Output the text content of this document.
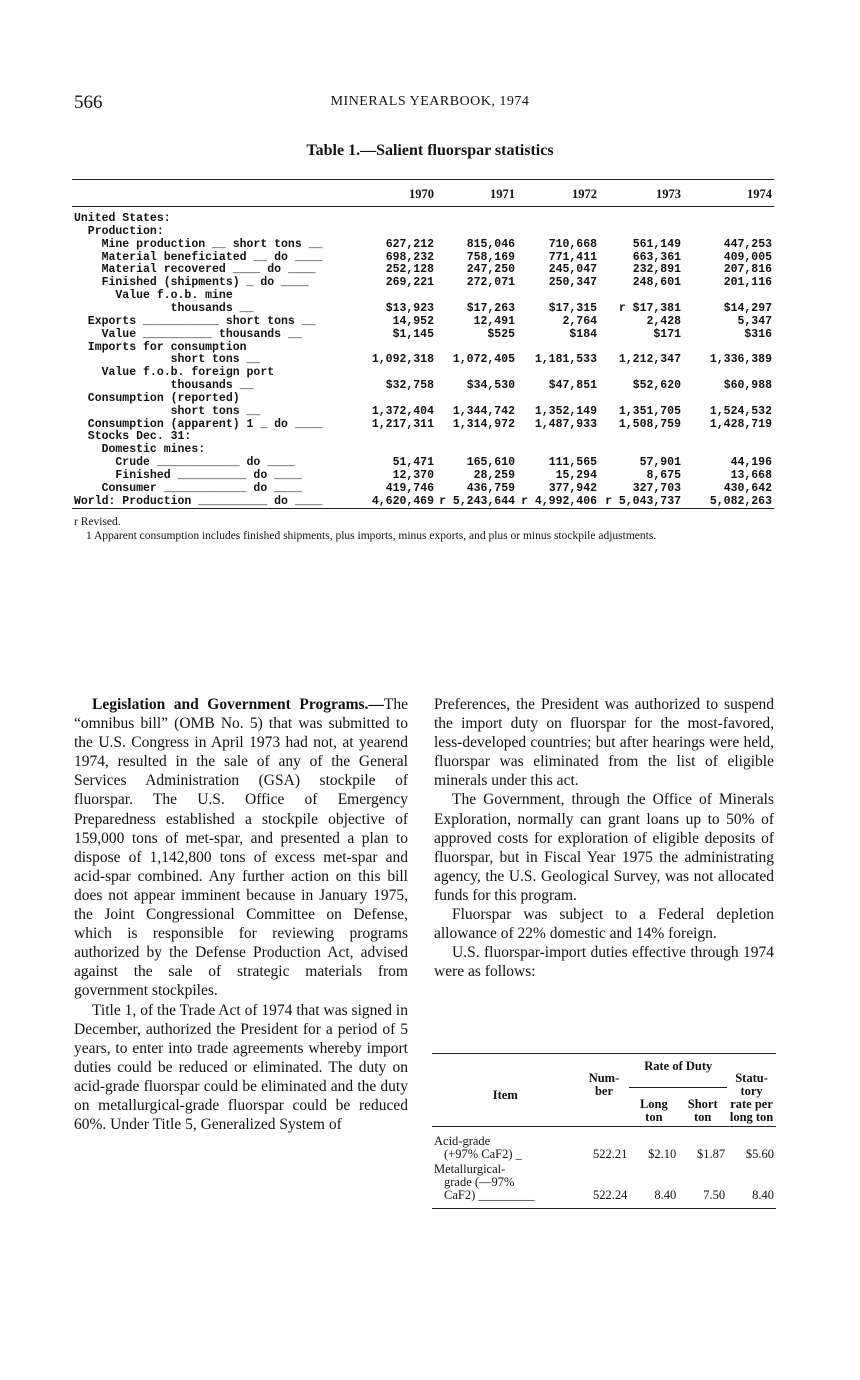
566	MINERALS YEARBOOK, 1974
Table 1.—Salient fluorspar statistics
1970	1971	1972	1973	1974
United States:
Production:
Mine production __ short tons __	627,212	815,046	710,668	561,149	447,253
Material beneficiated __ do ____	698,232	758,169	771,411	663,361	409,005
Material recovered ____ do ____	252,128	247,250	245,047	232,891	207,816
Finished (shipments) _ do ____	269,221	272,071	250,347	248,601	201,116
Value f.o.b. mine
thousands __	$13,923	$17,263	$17,315	r $17,381	$14,297
Exports ___________ short tons __	14,952	12,491	2,764	2,428	5,347
Value __________ thousands __	$1,145	$525	$184	$171	$316
Imports for consumption
short tons __	1,092,318	1,072,405	1,181,533	1,212,347	1,336,389
Value f.o.b. foreign port
thousands __	$32,758	$34,530	$47,851	$52,620	$60,988
Consumption (reported)
short tons __	1,372,404	1,344,742	1,352,149	1,351,705	1,524,532
Consumption (apparent) 1 _ do ____	1,217,311	1,314,972	1,487,933	1,508,759	1,428,719
Stocks Dec. 31:
Domestic mines:
Crude ____________ do ____	51,471	165,610	111,565	57,901	44,196
Finished __________ do ____	12,370	28,259	15,294	8,675	13,668
Consumer ____________ do ____	419,746	436,759	377,942	327,703	430,642
World: Production __________ do ____	4,620,469 r 5,243,644 r 4,992,406 r 5,043,737	5,082,263
r Revised.
1 Apparent consumption includes finished shipments, plus imports, minus exports, and plus or minus stockpile adjustments.

Legislation and Government Programs.—The “omnibus bill” (OMB No. 5) that was submitted to the U.S. Congress in April 1973 had not, at yearend 1974, resulted in the sale of any of the General Services Administration (GSA) stockpile of fluorspar. The U.S. Office of Emergency Preparedness established a stockpile objective of 159,000 tons of met-spar, and presented a plan to dispose of 1,142,800 tons of excess met-spar and acid-spar combined. Any further action on this bill does not appear imminent because in January 1975, the Joint Congressional Committee on Defense, which is responsible for reviewing programs authorized by the Defense Production Act, advised against the sale of strategic materials from government stockpiles.

Title 1, of the Trade Act of 1974 that was signed in December, authorized the President for a period of 5 years, to enter into trade agreements whereby import duties could be reduced or eliminated. The duty on acid-grade fluorspar could be eliminated and the duty on metallurgical-grade fluorspar could be reduced 60%. Under Title 5, Generalized System of

Preferences, the President was authorized to suspend the import duty on fluorspar for the most-favored, less-developed countries; but after hearings were held, fluorspar was eliminated from the list of eligible minerals under this act.

The Government, through the Office of Minerals Exploration, normally can grant loans up to 50% of approved costs for exploration of eligible deposits of fluorspar, but in Fiscal Year 1975 the administrating agency, the U.S. Geological Survey, was not allocated funds for this program.

Fluorspar was subject to a Federal depletion allowance of 22% domestic and 14% foreign.

U.S. fluorspar-import duties effective through 1974 were as follows:

Item	Num-ber	Rate of Duty		Statu-tory rate per long ton
		Long ton	Short ton	

Acid-grade
(+97% CaF2) _	522.21	$2.10	$1.87	$5.60

Metallurgical-
grade (—97%
CaF2) _________	522.24	8.40	7.50	8.40
